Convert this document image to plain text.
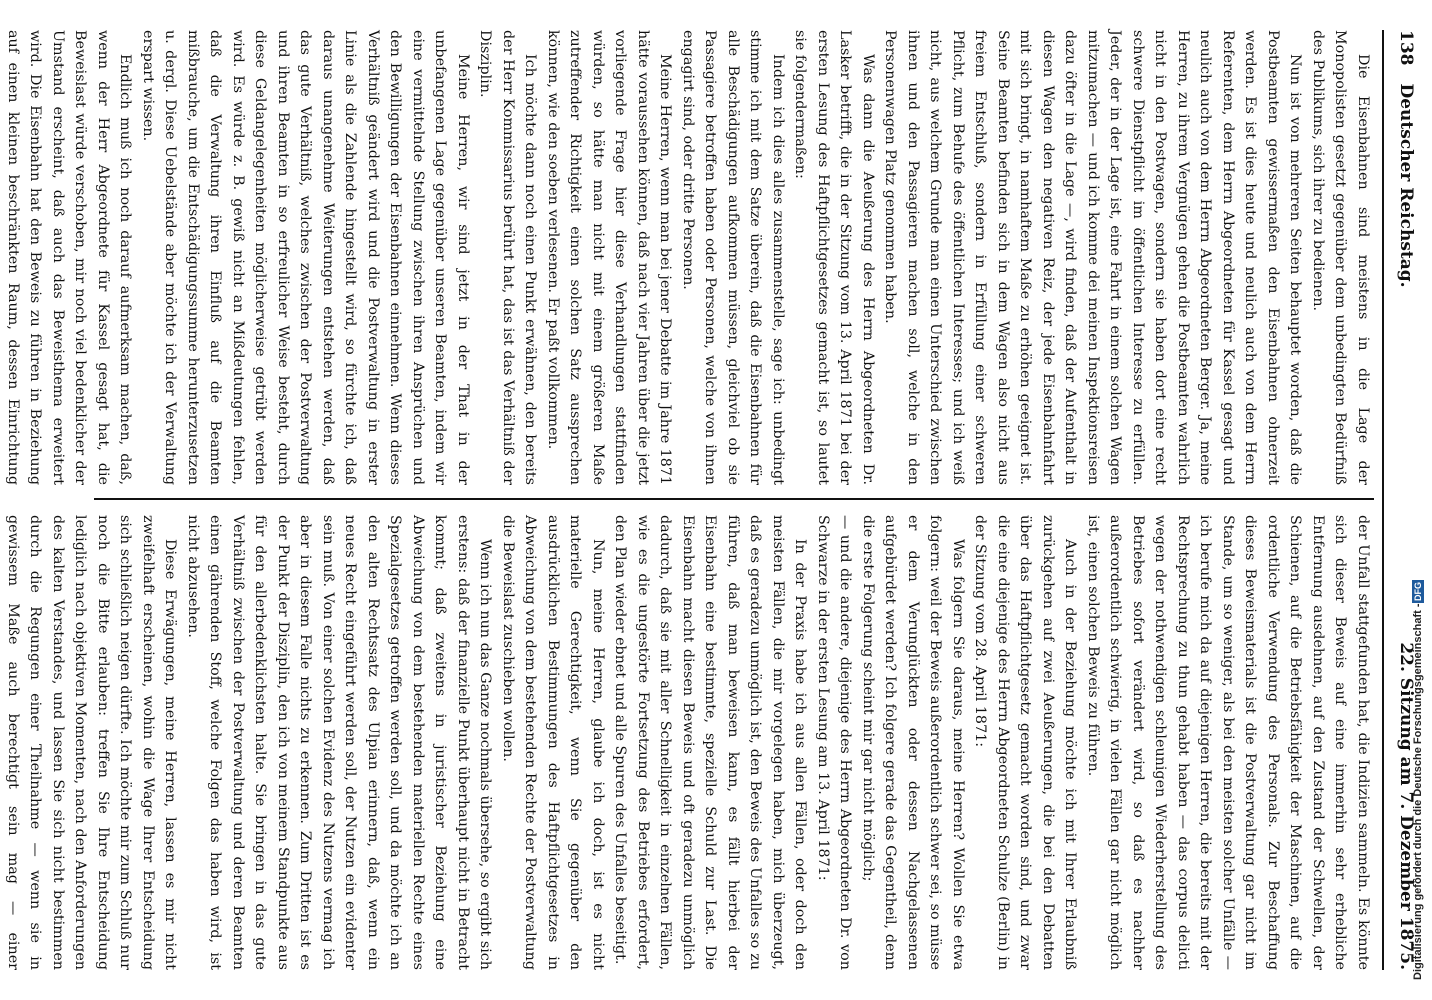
138
Deutscher Reichstag.
22. Sitzung am 7. Dezember 1875.

Die Eisenbahnen sind meistens in die Lage der Monopolisten gesetzt gegenüber dem unbedingten Bedürfniß des Publikums, sich ihrer zu bedienen.

Nun ist von mehreren Seiten behauptet worden, daß die Postbeamten gewissermaßen den Eisenbahnen ohnerzeit werden. Es ist dies heute und neulich auch von dem Herrn Referenten, dem Herrn Abgeordneten für Kassel gesagt und neulich auch von dem Herrn Abgeordneten Berger. Ja, meine Herren, zu ihrem Vergnügen gehen die Postbeamten wahrlich nicht in den Postwagen, sondern sie haben dort eine recht schwere Dienstpflicht im öffentlichen Interesse zu erfüllen. Jeder, der in der Lage ist, eine Fahrt in einem solchen Wagen mitzumachen — und ich komme dei meinen Inspektionsreisen dazu öfter in die Lage —, wird finden, daß der Aufenthalt in diesen Wagen den negativen Reiz, der jede Eisenbahnfahrt mit sich bringt, in namhaftem Maße zu erhöhen geeignet ist. Seine Beamten befinden sich in dem Wagen also nicht aus freiem Entschluß, sondern in Erfüllung einer schweren Pflicht, zum Behufe des öffentlichen Interesses; und ich weiß nicht, aus welchem Grunde man einen Unterschied zwischen ihnen und den Passagieren machen soll, welche in den Personenwagen Platz genommen haben.

Was dann die Aeußerung des Herrn Abgeordneten Dr. Lasker betrifft, die in der Sitzung vom 13. April 1871 bei der ersten Lesung des Haftpflichtgesetzes gemacht ist, so lautet sie folgendermaßen:

Indem ich dies alles zusammenstelle, sage ich: unbedingt stimme ich mit dem Satze überein, daß die Eisenbahnen für alle Beschädigungen aufkommen müssen, gleichviel ob sie Passagiere betroffen haben oder Personen, welche von ihnen engagirt sind, oder dritte Personen.

Meine Herren, wenn man bei jener Debatte im Jahre 1871 hätte voraussehen können, daß nach vier Jahren über die jetzt vorliegende Frage hier diese Verhandlungen stattfinden würden, so hätte man nicht mit einem größeren Maße zutreffender Richtigkeit einen solchen Satz aussprechen können, wie den soeben verlesenen. Er paßt vollkommen.

Ich möchte dann noch einen Punkt erwähnen, den bereits der Herr Kommissarius berührt hat, das ist das Verhältniß der Disziplin.

Meine Herren, wir sind jetzt in der That in der unbefangenen Lage gegenüber unseren Beamten, indem wir eine vermittelnde Stellung zwischen ihren Ansprüchen und den Bewilligungen der Eisenbahnen einnehmen. Wenn dieses Verhältniß geändert wird und die Postverwaltung in erster Linie als die Zahlende hingestellt wird, so fürchte ich, daß daraus unangenehme Weiterungen entstehen werden, daß das gute Verhältniß, welches zwischen der Postverwaltung und ihren Beamten in so erfreulicher Weise besteht, durch diese Geldangelegenheiten möglicherweise getrübt werden wird. Es würde z. B. gewiß nicht an Mißdeutungen fehlen, daß die Verwaltung ihren Einfluß auf die Beamten mißbrauche, um die Entschädigungssumme herunterzusetzen u. dergl. Diese Uebelstände aber möchte ich der Verwaltung erspart wissen.

Endlich muß ich noch darauf aufmerksam machen, daß, wenn der Herr Abgeordnete für Kassel gesagt hat, die Beweislast würde verschoben, mir noch viel bedenklicher der Umstand erscheint, daß auch das Beweisthema erweitert wird. Die Eisenbahn hat den Beweis zu führen in Beziehung auf einen kleinen beschränkten Raum, dessen Einrichtung

der Unfall stattgefunden hat, die Indizien sammeln. Es könnte sich dieser Beweis auf eine immerhin sehr erhebliche Entfernung ausdehnen, auf den Zustand der Schwellen, der Schienen, auf die Betriebsfähigkeit der Maschinen, auf die ordentliche Verwendung des Personals. Zur Beschaffung dieses Beweismaterials ist die Postverwaltung gar nicht im Stande, um so weniger, als bei den meisten solcher Unfälle — ich berufe mich da auf diejenigen Herren, die bereits mit der Rechtsprechung zu thun gehabt haben — das corpus delicti wegen der nothwendigen schleunigen Wiederherstellung des Betriebes sofort verändert wird, so daß es nachher außerordentlich schwierig, in vielen Fällen gar nicht möglich ist, einen solchen Beweis zu führen.

Auch in der Beziehung möchte ich mit Ihrer Erlaubniß zurückgehen auf zwei Aeußerungen, die bei den Debatten über das Haftpflichtgesetz gemacht worden sind, und zwar die eine diejenige des Herrn Abgeordneten Schulze (Berlin) in der Sitzung vom 28. April 1871:

Was folgern Sie daraus, meine Herren? Wollen Sie etwa folgern: weil der Beweis außerordentlich schwer sei, so müsse er dem Verunglückten oder dessen Nachgelassenen aufgebürdet werden? Ich folgere gerade das Gegentheil, denn die erste Folgerung scheint mir gar nicht möglich;

— und die andere, diejenige des Herrn Abgeordneten Dr. von Schwarze in der ersten Lesung am 13. April 1871:

In der Praxis habe ich aus allen Fällen, oder doch den meisten Fällen, die mir vorgelegen haben, mich überzeugt, daß es geradezu unmöglich ist, den Beweis des Unfalles so zu führen, daß man beweisen kann, es fällt hierbei der Eisenbahn eine bestimmte, spezielle Schuld zur Last. Die Eisenbahn macht diesen Beweis und oft geradezu unmöglich dadurch, daß sie mit aller Schnelligkeit in einzelnen Fällen, wie es die ungestörte Fortsetzung des Betriebes erfordert, den Plan wieder ebnet und alle Spuren des Unfalles beseitigt.

Nun, meine Herren, glaube ich doch, ist es nicht materielle Gerechtigkeit, wenn Sie gegenüber den ausdrücklichen Bestimmungen des Haftpflichtgesetzes in Abweichung von dem bestehenden Rechte der Postverwaltung die Beweislast zuschieben wollen.

Wenn ich nun das Ganze nochmals übersehe, so ergibt sich erstens: daß der finanzielle Punkt überhaupt nicht in Betracht kommt; daß zweitens in juristischer Beziehung eine Abweichung von dem bestehenden materiellen Rechte eines Spezialgesetzes getroffen werden soll, und da möchte ich an den alten Rechtssatz des Ulpian erinnern, daß, wenn ein neues Recht eingeführt werden soll, der Nutzen ein evidenter sein muß. Von einer solchen Evidenz des Nutzens vermag ich aber in diesem Falle nichts zu erkennen. Zum Dritten ist es der Punkt der Disziplin, den ich von meinem Standpunkte aus für den allerbedenklichsten halte. Sie bringen in das gute Verhältniß zwischen der Postverwaltung und deren Beamten einen gährenden Stoff, welche Folgen das haben wird, ist nicht abzusehen.

Diese Erwägungen, meine Herren, lassen es mir nicht zweifelhaft erscheinen, wohin die Wage Ihrer Entscheidung sich schließlich neigen dürfte. Ich möchte mir zum Schluß nur noch die Bitte erlauben: treffen Sie Ihre Entscheidung lediglich nach objektiven Momenten, nach den Anforderungen des kalten Verstandes, und lassen Sie sich nicht bestimmen durch die Regungen einer Theilnahme — wenn sie in gewissem Maße auch berechtigt sein mag — einer	Digitalisierung gefördert durch die Deutsche Forschungsgemeinschaft -
DFG
